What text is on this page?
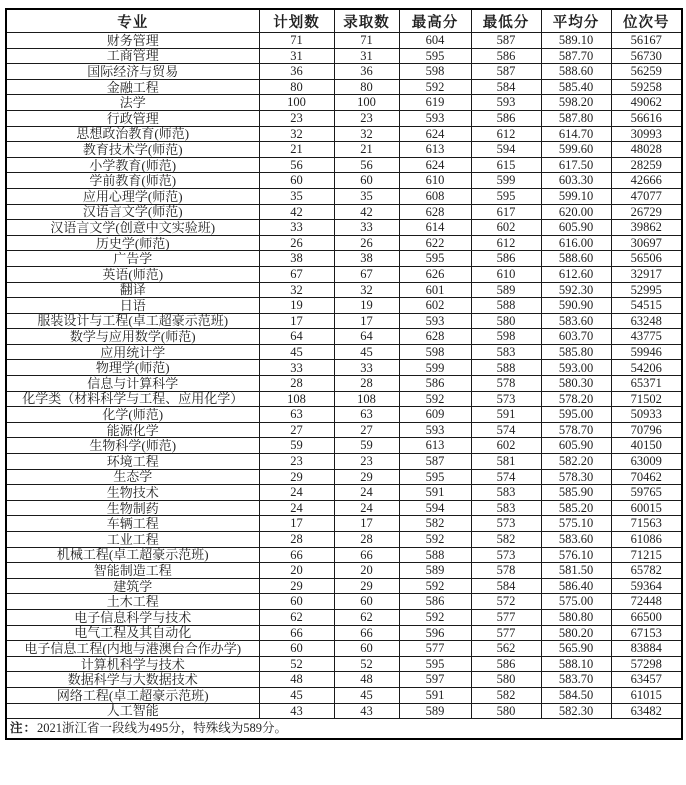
专业	计划数	录取数	最高分	最低分	平均分	位次号
财务管理	71	71	604	587	589.10	56167
工商管理	31	31	595	586	587.70	56730
国际经济与贸易	36	36	598	587	588.60	56259
金融工程	80	80	592	584	585.40	59258
法学	100	100	619	593	598.20	49062
行政管理	23	23	593	586	587.80	56616
思想政治教育(师范)	32	32	624	612	614.70	30993
教育技术学(师范)	21	21	613	594	599.60	48028
小学教育(师范)	56	56	624	615	617.50	28259
学前教育(师范)	60	60	610	599	603.30	42666
应用心理学(师范)	35	35	608	595	599.10	47077
汉语言文学(师范)	42	42	628	617	620.00	26729
汉语言文学(创意中文实验班)	33	33	614	602	605.90	39862
历史学(师范)	26	26	622	612	616.00	30697
广告学	38	38	595	586	588.60	56506
英语(师范)	67	67	626	610	612.60	32917
翻译	32	32	601	589	592.30	52995
日语	19	19	602	588	590.90	54515
服装设计与工程(卓工超豪示范班)	17	17	593	580	583.60	63248
数学与应用数学(师范)	64	64	628	598	603.70	43775
应用统计学	45	45	598	583	585.80	59946
物理学(师范)	33	33	599	588	593.00	54206
信息与计算科学	28	28	586	578	580.30	65371
化学类（材料科学与工程、应用化学）	108	108	592	573	578.20	71502
化学(师范)	63	63	609	591	595.00	50933
能源化学	27	27	593	574	578.70	70796
生物科学(师范)	59	59	613	602	605.90	40150
环境工程	23	23	587	581	582.20	63009
生态学	29	29	595	574	578.30	70462
生物技术	24	24	591	583	585.90	59765
生物制药	24	24	594	583	585.20	60015
车辆工程	17	17	582	573	575.10	71563
工业工程	28	28	592	582	583.60	61086
机械工程(卓工超豪示范班)	66	66	588	573	576.10	71215
智能制造工程	20	20	589	578	581.50	65782
建筑学	29	29	592	584	586.40	59364
土木工程	60	60	586	572	575.00	72448
电子信息科学与技术	62	62	592	577	580.80	66500
电气工程及其自动化	66	66	596	577	580.20	67153
电子信息工程(内地与港澳台合作办学)	60	60	577	562	565.90	83884
计算机科学与技术	52	52	595	586	588.10	57298
数据科学与大数据技术	48	48	597	580	583.70	63457
网络工程(卓工超豪示范班)	45	45	591	582	584.50	61015
人工智能	43	43	589	580	582.30	63482
注：2021浙江省一段线为495分，特殊线为589分。						
